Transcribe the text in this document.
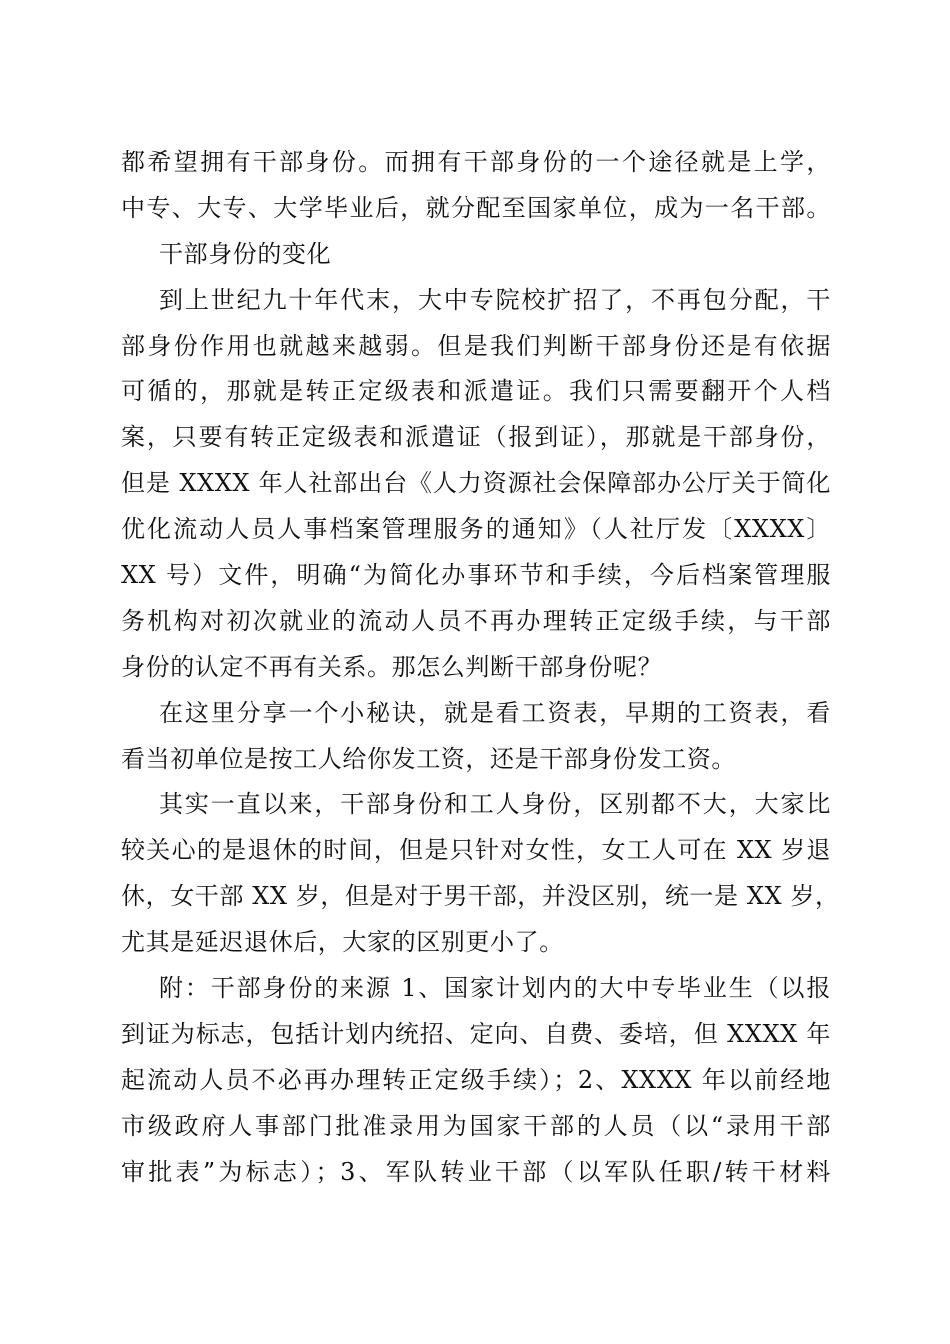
都希望拥有干部身份。而拥有干部身份的一个途径就是上学，
中专、大专、大学毕业后，就分配至国家单位，成为一名干部。
干部身份的变化
到上世纪九十年代末，大中专院校扩招了，不再包分配，干
部身份作用也就越来越弱。但是我们判断干部身份还是有依据
可循的，那就是转正定级表和派遣证。我们只需要翻开个人档
案，只要有转正定级表和派遣证（报到证），那就是干部身份，
但是 XXXX 年人社部出台《人力资源社会保障部办公厅关于简化
优化流动人员人事档案管理服务的通知》（人社厅发〔XXXX〕
XX 号）文件，明确“为简化办事环节和手续，今后档案管理服
务机构对初次就业的流动人员不再办理转正定级手续，与干部
身份的认定不再有关系。那怎么判断干部身份呢？
在这里分享一个小秘诀，就是看工资表，早期的工资表，看
看当初单位是按工人给你发工资，还是干部身份发工资。
其实一直以来，干部身份和工人身份，区别都不大，大家比
较关心的是退休的时间，但是只针对女性，女工人可在 XX 岁退
休，女干部 XX 岁，但是对于男干部，并没区别，统一是 XX 岁，
尤其是延迟退休后，大家的区别更小了。
附：干部身份的来源 1、国家计划内的大中专毕业生（以报
到证为标志，包括计划内统招、定向、自费、委培，但 XXXX 年
起流动人员不必再办理转正定级手续）；2、XXXX 年以前经地
市级政府人事部门批准录用为国家干部的人员（以“录用干部
审批表”为标志）；3、军队转业干部（以军队任职/转干材料
